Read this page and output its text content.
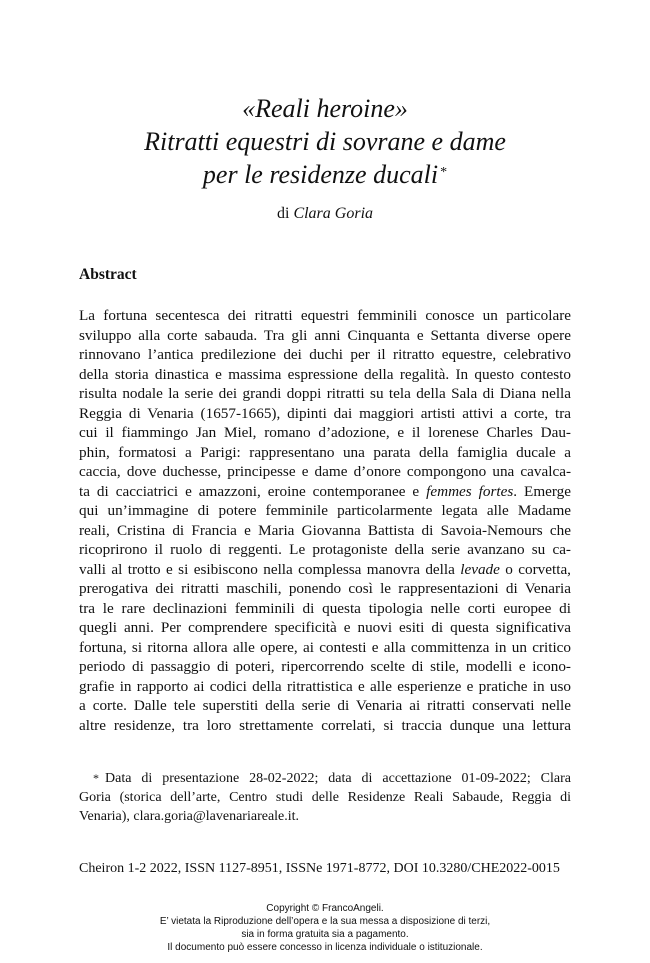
«Reali heroine»
Ritratti equestri di sovrane e dame
per le residenze ducali *
di Clara Goria
Abstract
La fortuna secentesca dei ritratti equestri femminili conosce un particolare
sviluppo alla corte sabauda. Tra gli anni Cinquanta e Settanta diverse opere
rinnovano l’antica predilezione dei duchi per il ritratto equestre, celebrativo
della storia dinastica e massima espressione della regalità. In questo contesto
risulta nodale la serie dei grandi doppi ritratti su tela della Sala di Diana nella
Reggia di Venaria (1657-1665), dipinti dai maggiori artisti attivi a corte, tra
cui il fiammingo Jan Miel, romano d’adozione, e il lorenese Charles Dau-
phin, formatosi a Parigi: rappresentano una parata della famiglia ducale a
caccia, dove duchesse, principesse e dame d’onore compongono una cavalca-
ta di cacciatrici e amazzoni, eroine contemporanee e femmes fortes. Emerge
qui un’immagine di potere femminile particolarmente legata alle Madame
reali, Cristina di Francia e Maria Giovanna Battista di Savoia-Nemours che
ricoprirono il ruolo di reggenti. Le protagoniste della serie avanzano su ca-
valli al trotto e si esibiscono nella complessa manovra della levade o corvetta,
prerogativa dei ritratti maschili, ponendo così le rappresentazioni di Venaria
tra le rare declinazioni femminili di questa tipologia nelle corti europee di
quegli anni. Per comprendere specificità e nuovi esiti di questa significativa
fortuna, si ritorna allora alle opere, ai contesti e alla committenza in un critico
periodo di passaggio di poteri, ripercorrendo scelte di stile, modelli e icono-
grafie in rapporto ai codici della ritrattistica e alle esperienze e pratiche in uso
a corte. Dalle tele superstiti della serie di Venaria ai ritratti conservati nelle
altre residenze, tra loro strettamente correlati, si traccia dunque una lettura
* Data di presentazione 28-02-2022; data di accettazione 01-09-2022; Clara
Goria (storica dell’arte, Centro studi delle Residenze Reali Sabaude, Reggia di
Venaria), clara.goria@lavenariareale.it.
Cheiron 1-2 2022, ISSN 1127-8951, ISSNe 1971-8772, DOI 10.3280/CHE2022-0015
Copyright © FrancoAngeli.
E’ vietata la Riproduzione dell’opera e la sua messa a disposizione di terzi,
sia in forma gratuita sia a pagamento.
Il documento può essere concesso in licenza individuale o istituzionale.
